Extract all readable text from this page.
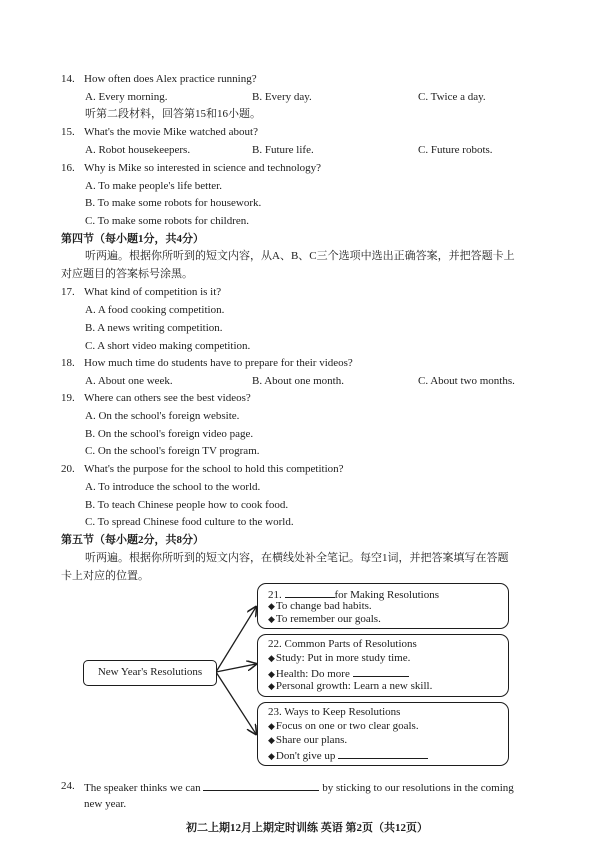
14. How often does Alex practice running?
A. Every morning.	B. Every day.	C. Twice a day.
听第二段材料，回答第15和16小题。
15. What's the movie Mike watched about?
A. Robot housekeepers.	B. Future life.	C. Future robots.
16. Why is Mike so interested in science and technology?
A. To make people's life better.
B. To make some robots for housework.
C. To make some robots for children.
第四节（每小题1分，共4分）
听两遍。根据你所听到的短文内容，从A、B、C三个选项中选出正确答案，并把答题卡上
对应题目的答案标号涂黑。
17. What kind of competition is it?
A. A food cooking competition.
B. A news writing competition.
C. A short video making competition.
18. How much time do students have to prepare for their videos?
A. About one week.	B. About one month.	C. About two months.
19. Where can others see the best videos?
A. On the school's foreign website.
B. On the school's foreign video page.
C. On the school's foreign TV program.
20. What's the purpose for the school to hold this competition?
A. To introduce the school to the world.
B. To teach Chinese people how to cook food.
C. To spread Chinese food culture to the world.
第五节（每小题2分，共8分）
听两遍。根据你所听到的短文内容，在横线处补全笔记。每空1词，并把答案填写在答题
卡上对应的位置。
New Year's Resolutions
21.	for Making Resolutions
◆To change bad habits.
◆To remember our goals.
22. Common Parts of Resolutions
◆Study: Put in more study time.
◆Health: Do more
◆Personal growth: Learn a new skill.
23. Ways to Keep Resolutions
◆Focus on one or two clear goals.
◆Share our plans.
◆Don't give up
24. The speaker thinks we can	by sticking to our resolutions in the coming
new year.
初二上期12月上期定时训练 英语 第2页（共12页）
